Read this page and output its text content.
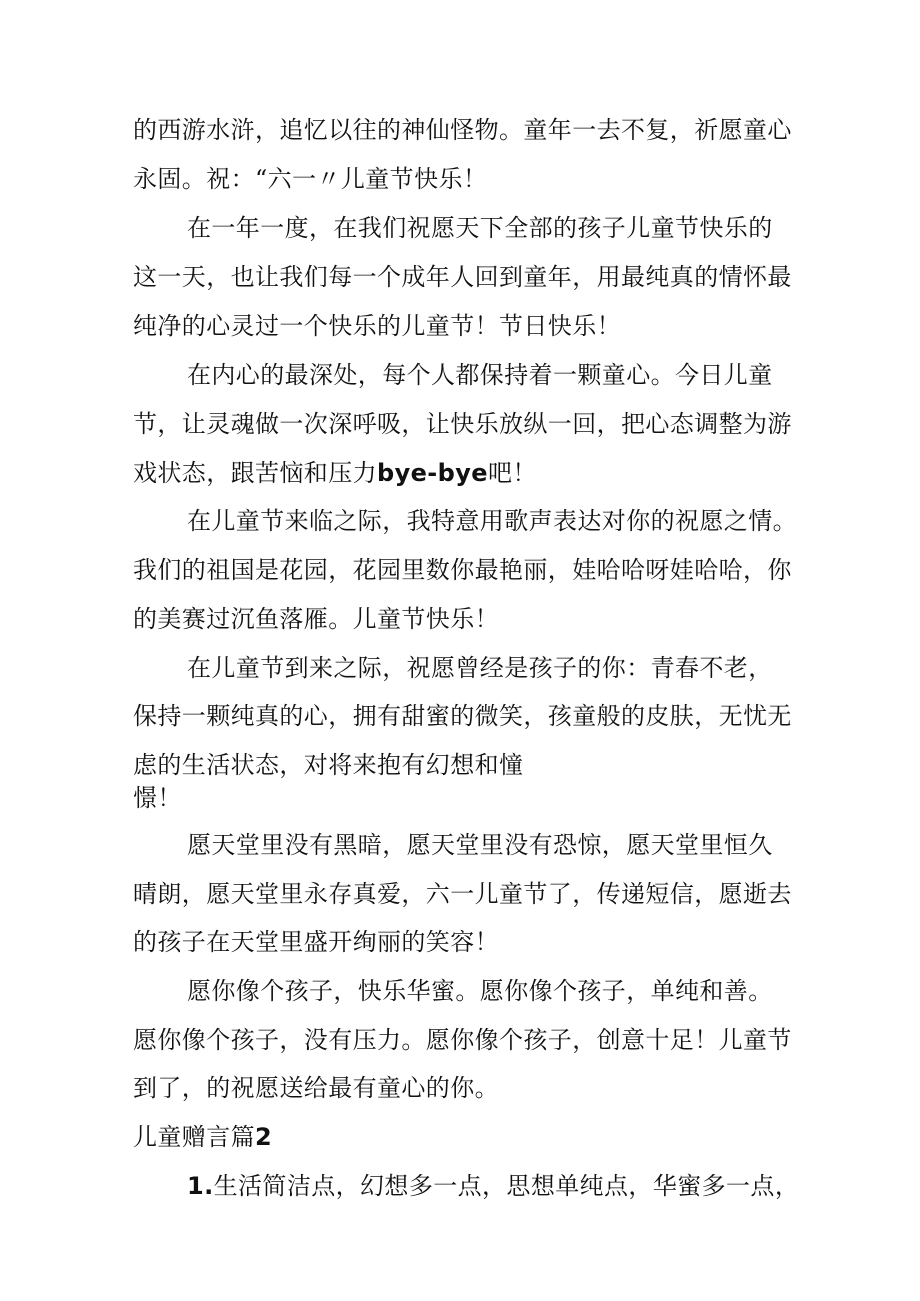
的西游水浒，追忆以往的神仙怪物。童年一去不复，祈愿童心
永固。祝：“六一〃儿童节快乐！
在一年一度，在我们祝愿天下全部的孩子儿童节快乐的
这一天，也让我们每一个成年人回到童年，用最纯真的情怀最
纯净的心灵过一个快乐的儿童节！节日快乐！
在内心的最深处，每个人都保持着一颗童心。今日儿童
节，让灵魂做一次深呼吸，让快乐放纵一回，把心态调整为游
戏状态，跟苦恼和压力bye-bye吧！
在儿童节来临之际，我特意用歌声表达对你的祝愿之情。
我们的祖国是花园，花园里数你最艳丽，娃哈哈呀娃哈哈，你
的美赛过沉鱼落雁。儿童节快乐！
在儿童节到来之际，祝愿曾经是孩子的你：青春不老，
保持一颗纯真的心，拥有甜蜜的微笑，孩童般的皮肤，无忧无
虑的生活状态，对将来抱有幻想和憧
憬！
愿天堂里没有黑暗，愿天堂里没有恐惊，愿天堂里恒久
晴朗，愿天堂里永存真爱，六一儿童节了，传递短信，愿逝去
的孩子在天堂里盛开绚丽的笑容！
愿你像个孩子，快乐华蜜。愿你像个孩子，单纯和善。
愿你像个孩子，没有压力。愿你像个孩子，创意十足！儿童节
到了，的祝愿送给最有童心的你。
儿童赠言篇2
1.生活简洁点，幻想多一点，思想单纯点，华蜜多一点，
